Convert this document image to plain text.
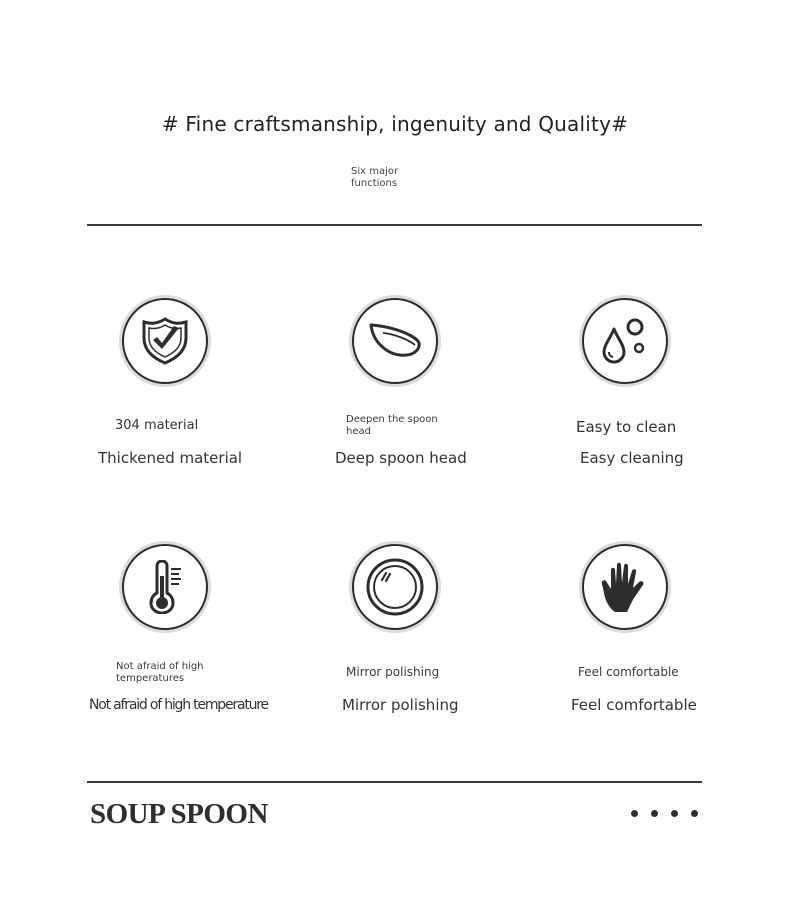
# Fine craftsmanship, ingenuity and Quality#
Six major functions
304 material
Thickened material
Deepen the spoon head
Deep spoon head
Easy to clean
Easy cleaning
Not afraid of high temperatures
Not afraid of high temperature
Mirror polishing
Mirror polishing
Feel comfortable
Feel comfortable
SOUP SPOON
